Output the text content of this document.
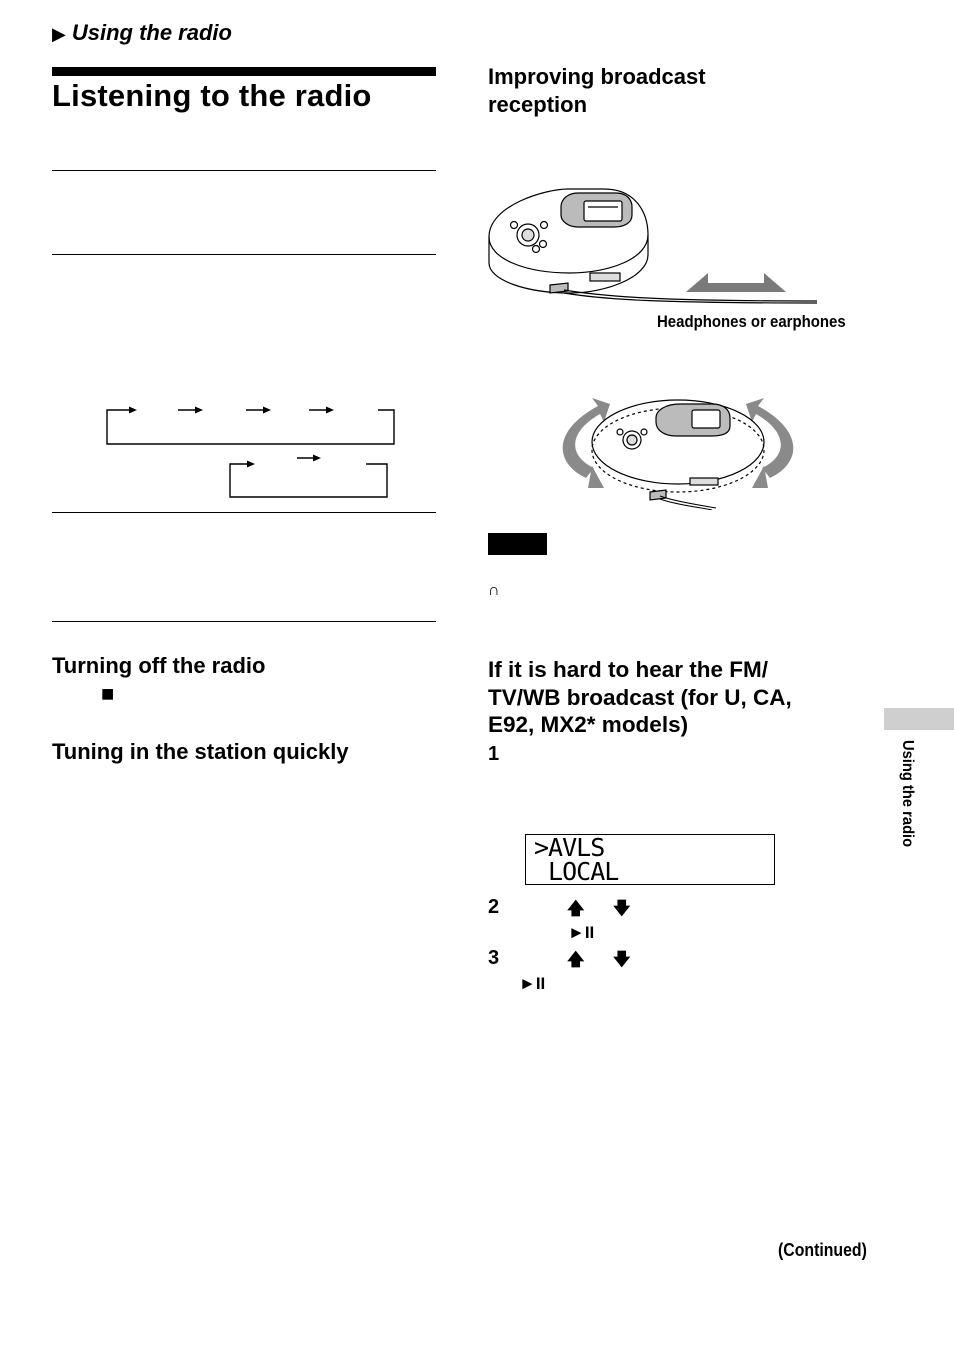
▶ Using the radio
Listening to the radio
Turning off the radio
■
Tuning in the station quickly
Improving broadcast
reception
Headphones or earphones
∩
If it is hard to hear the FM/
TV/WB broadcast (for U, CA,
E92, MX2* models)
1
>AVLS
LOCAL
2	🡅 🡇
►II
3	🡅 🡇
►II
Using the radio
(Continued)
